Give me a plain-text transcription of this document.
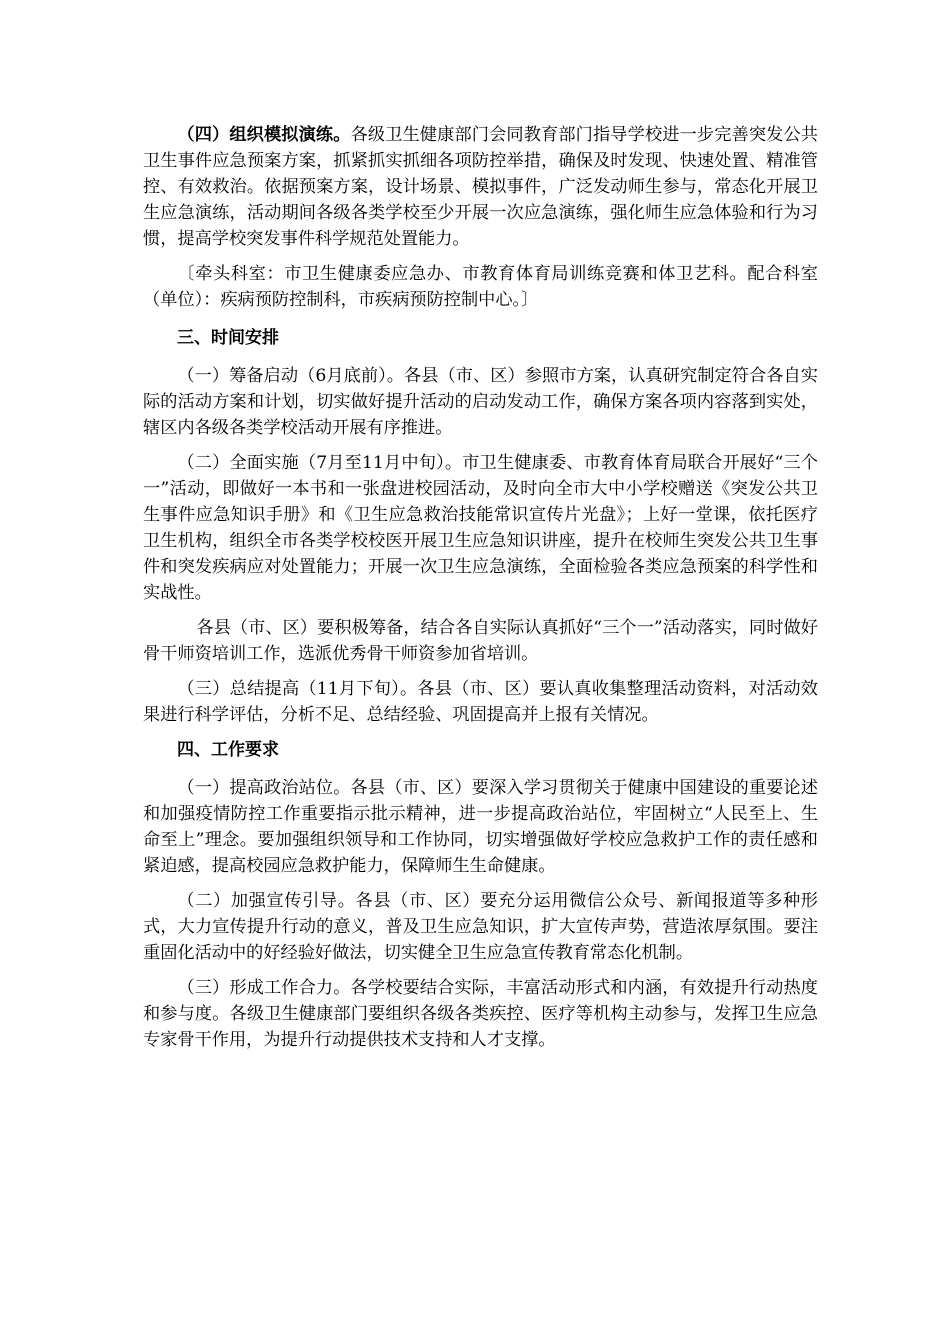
（四）组织模拟演练。各级卫生健康部门会同教育部门指导学校进一步完善突发公共卫生事件应急预案方案，抓紧抓实抓细各项防控举措，确保及时发现、快速处置、精准管控、有效救治。依据预案方案，设计场景、模拟事件，广泛发动师生参与，常态化开展卫生应急演练，活动期间各级各类学校至少开展一次应急演练，强化师生应急体验和行为习惯，提高学校突发事件科学规范处置能力。

〔牵头科室：市卫生健康委应急办、市教育体育局训练竞赛和体卫艺科。配合科室（单位）：疾病预防控制科，市疾病预防控制中心。〕

三、时间安排

（一）筹备启动（6月底前）。各县（市、区）参照市方案，认真研究制定符合各自实际的活动方案和计划，切实做好提升活动的启动发动工作，确保方案各项内容落到实处，辖区内各级各类学校活动开展有序推进。

（二）全面实施（7月至11月中旬）。市卫生健康委、市教育体育局联合开展好“三个一”活动，即做好一本书和一张盘进校园活动，及时向全市大中小学校赠送《突发公共卫生事件应急知识手册》和《卫生应急救治技能常识宣传片光盘》；上好一堂课，依托医疗卫生机构，组织全市各类学校校医开展卫生应急知识讲座，提升在校师生突发公共卫生事件和突发疾病应对处置能力；开展一次卫生应急演练，全面检验各类应急预案的科学性和实战性。

各县（市、区）要积极筹备，结合各自实际认真抓好“三个一”活动落实，同时做好骨干师资培训工作，选派优秀骨干师资参加省培训。

（三）总结提高（11月下旬）。各县（市、区）要认真收集整理活动资料，对活动效果进行科学评估，分析不足、总结经验、巩固提高并上报有关情况。

四、工作要求

（一）提高政治站位。各县（市、区）要深入学习贯彻关于健康中国建设的重要论述和加强疫情防控工作重要指示批示精神，进一步提高政治站位，牢固树立“人民至上、生命至上”理念。要加强组织领导和工作协同，切实增强做好学校应急救护工作的责任感和紧迫感，提高校园应急救护能力，保障师生生命健康。

（二）加强宣传引导。各县（市、区）要充分运用微信公众号、新闻报道等多种形式，大力宣传提升行动的意义，普及卫生应急知识，扩大宣传声势，营造浓厚氛围。要注重固化活动中的好经验好做法，切实健全卫生应急宣传教育常态化机制。

（三）形成工作合力。各学校要结合实际，丰富活动形式和内涵，有效提升行动热度和参与度。各级卫生健康部门要组织各级各类疾控、医疗等机构主动参与，发挥卫生应急专家骨干作用，为提升行动提供技术支持和人才支撑。
